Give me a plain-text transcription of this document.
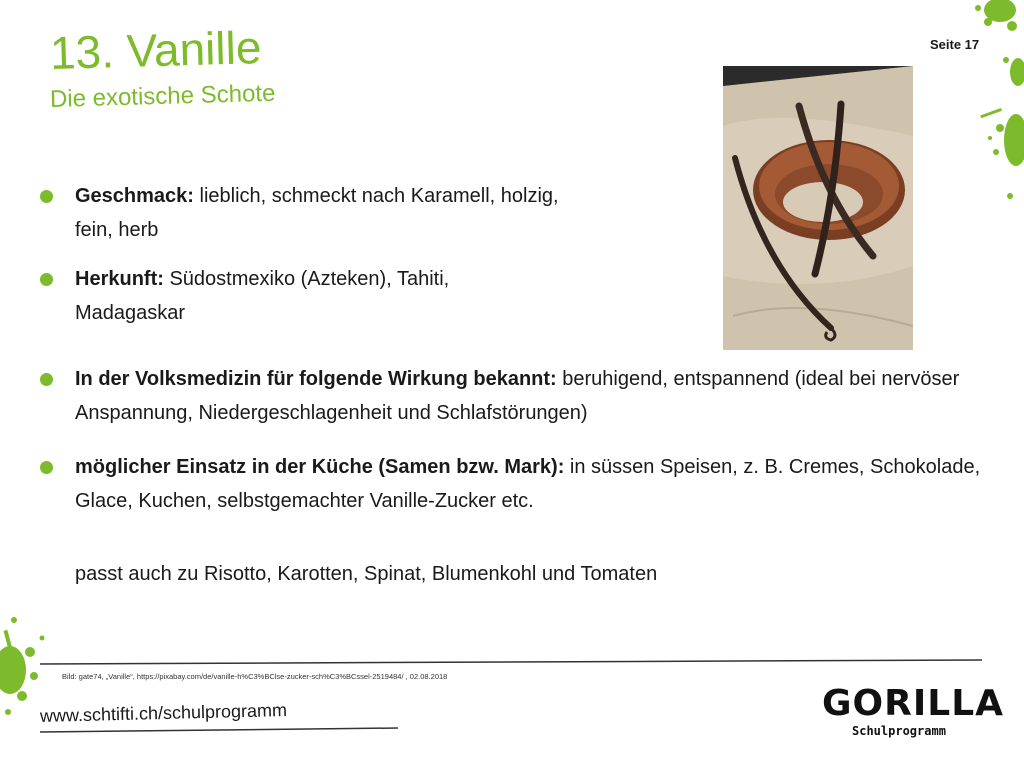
13. Vanille
Die exotische Schote
Seite 17
Geschmack: lieblich, schmeckt nach Karamell, holzig, fein, herb
Herkunft: Südostmexiko (Azteken), Tahiti, Madagaskar
In der Volksmedizin für folgende Wirkung bekannt: beruhigend, entspannend (ideal bei nervöser Anspannung, Niedergeschlagenheit und Schlafstörungen)
möglicher Einsatz in der Küche (Samen bzw. Mark): in süssen Speisen, z. B. Cremes, Schokolade, Glace, Kuchen, selbstgemachter Vanille-Zucker etc.
passt auch zu Risotto, Karotten, Spinat, Blumenkohl und Tomaten
Bild: gate74, „Vanille“, https://pixabay.com/de/vanille-h%C3%BClse-zucker-sch%C3%BCssel-2519484/ , 02.08.2018
www.schtifti.ch/schulprogramm	GORILLA
Schulprogramm
